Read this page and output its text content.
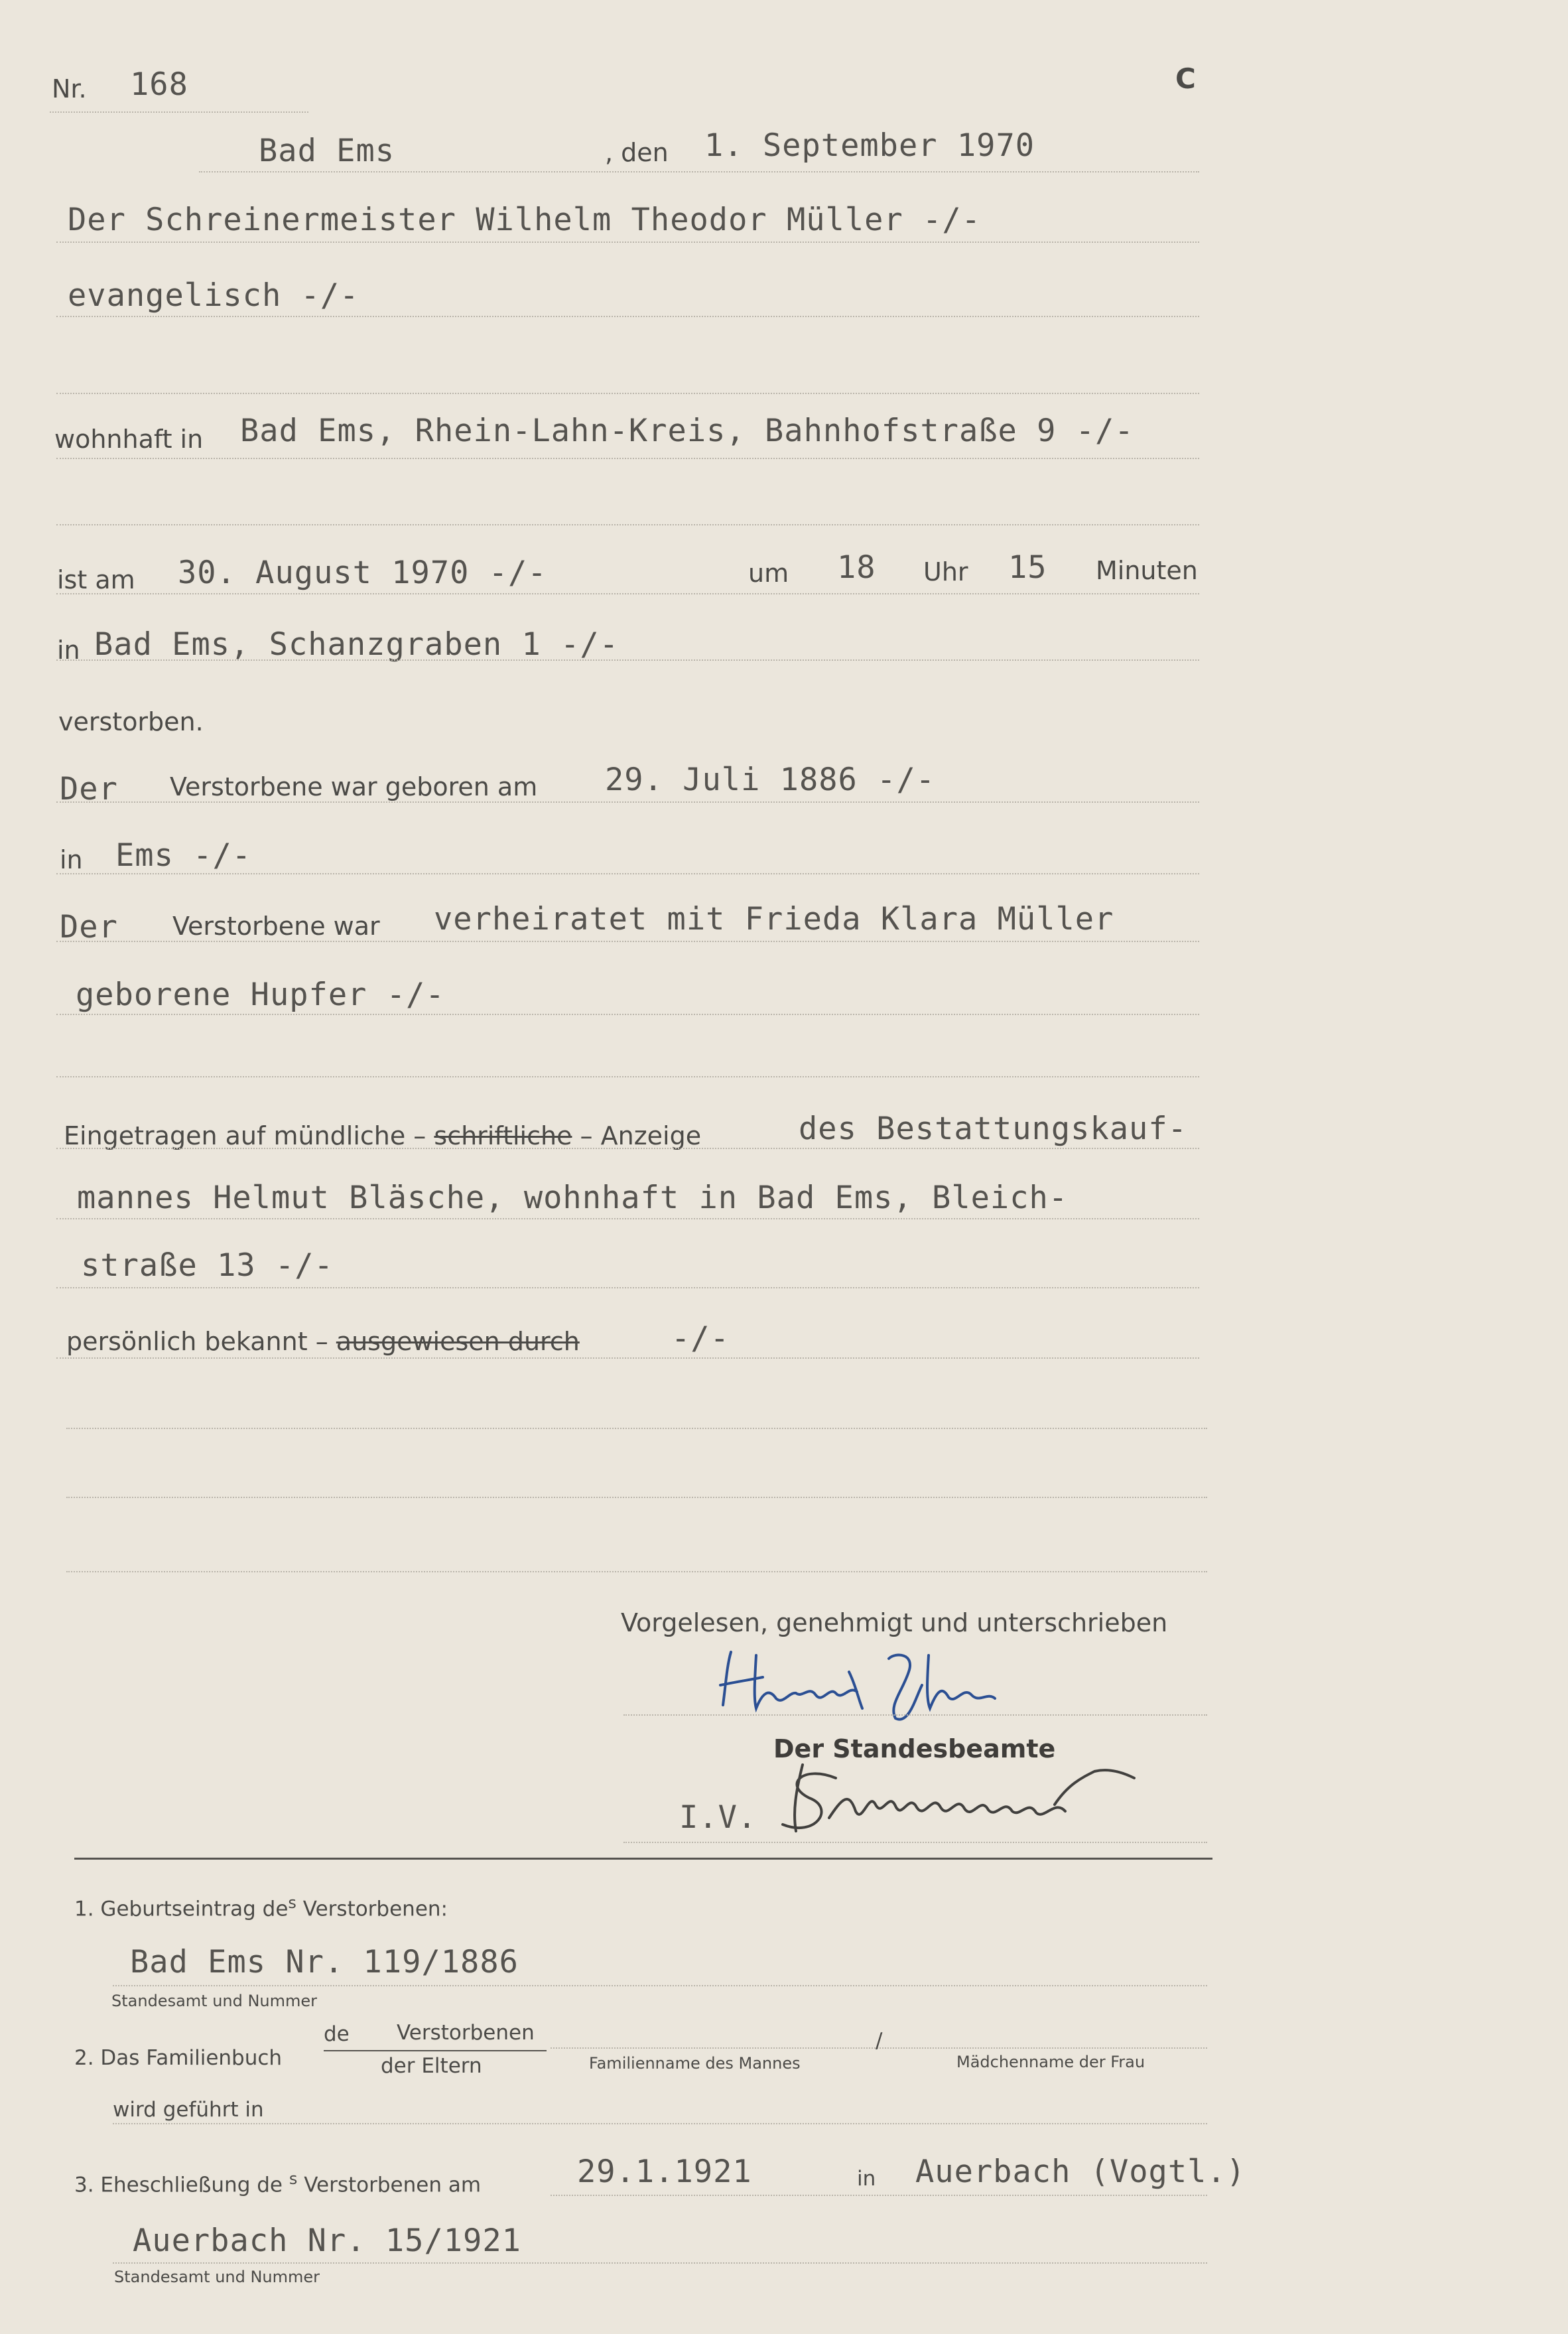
Nr. 168	C
Bad Ems	, den 1. September 1970
Der Schreinermeister Wilhelm Theodor Müller -/-
evangelisch -/-
wohnhaft in Bad Ems, Rhein-Lahn-Kreis, Bahnhofstraße 9 -/-
ist am 30. August 1970 -/-	um 18 Uhr 15 Minuten
in Bad Ems, Schanzgraben 1 -/-
verstorben.
Der Verstorbene war geboren am 29. Juli 1886 -/-
in Ems -/-
Der Verstorbene war verheiratet mit Frieda Klara Müller
geborene Hupfer -/-
Eingetragen auf mündliche – schriftliche – Anzeige	des Bestattungskauf-
mannes Helmut Bläsche, wohnhaft in Bad Ems, Bleich-
straße 13 -/-
persönlich bekannt – ausgewiesen durch	-/-
Vorgelesen, genehmigt und unterschrieben
Der Standesbeamte
I.V.
1. Geburtseintrag $de^s$ Verstorbenen:
Bad Ems Nr. 119/1886
Standesamt und Nummer
2. Das Familienbuch
de Verstorbenen
der Eltern	Familienname des Mannes
/
Mädchenname der Frau
wird geführt in
3. Eheschließung de $^s$ Verstorbenen am	29.1.1921	in Auerbach (Vogtl.)
Auerbach Nr. 15/1921
Standesamt und Nummer
